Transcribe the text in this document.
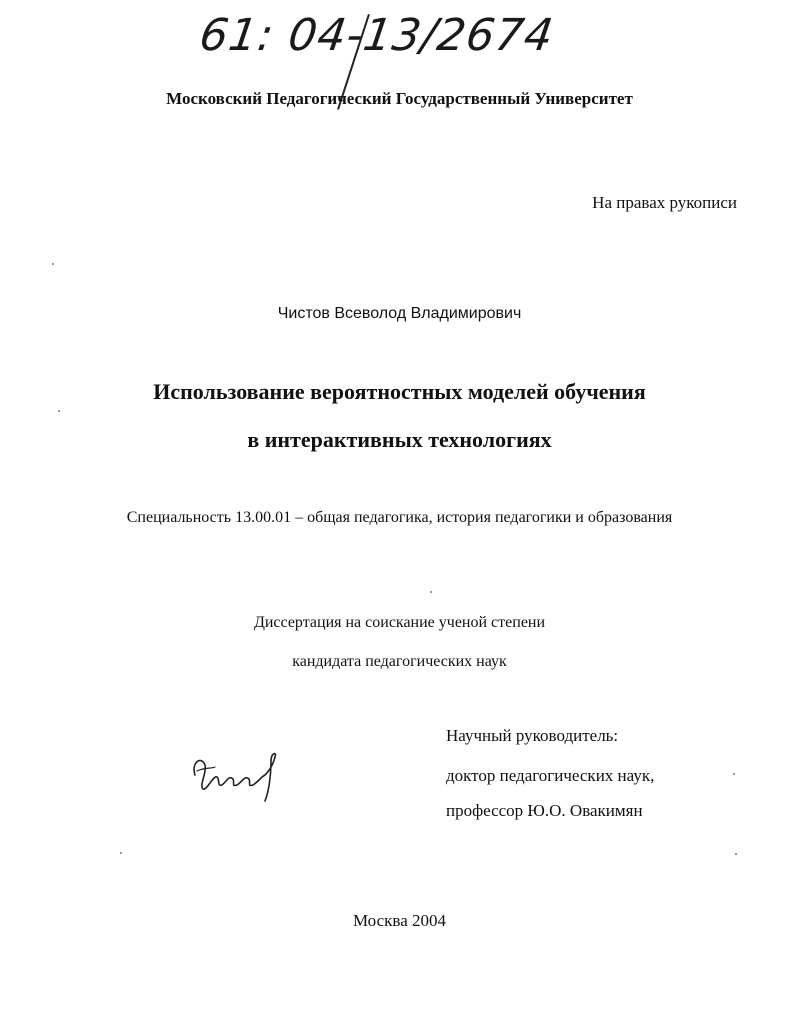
61: 04-13/2674
Московский Педагогический Государственный Университет
На правах рукописи
Чистов Всеволод Владимирович
Использование вероятностных моделей обучения
в интерактивных технологиях
Специальность 13.00.01 – общая педагогика, история педагогики и образования
Диссертация на соискание ученой степени
кандидата педагогических наук
Научный руководитель:
доктор педагогических наук,
профессор Ю.О. Овакимян
Москва 2004
